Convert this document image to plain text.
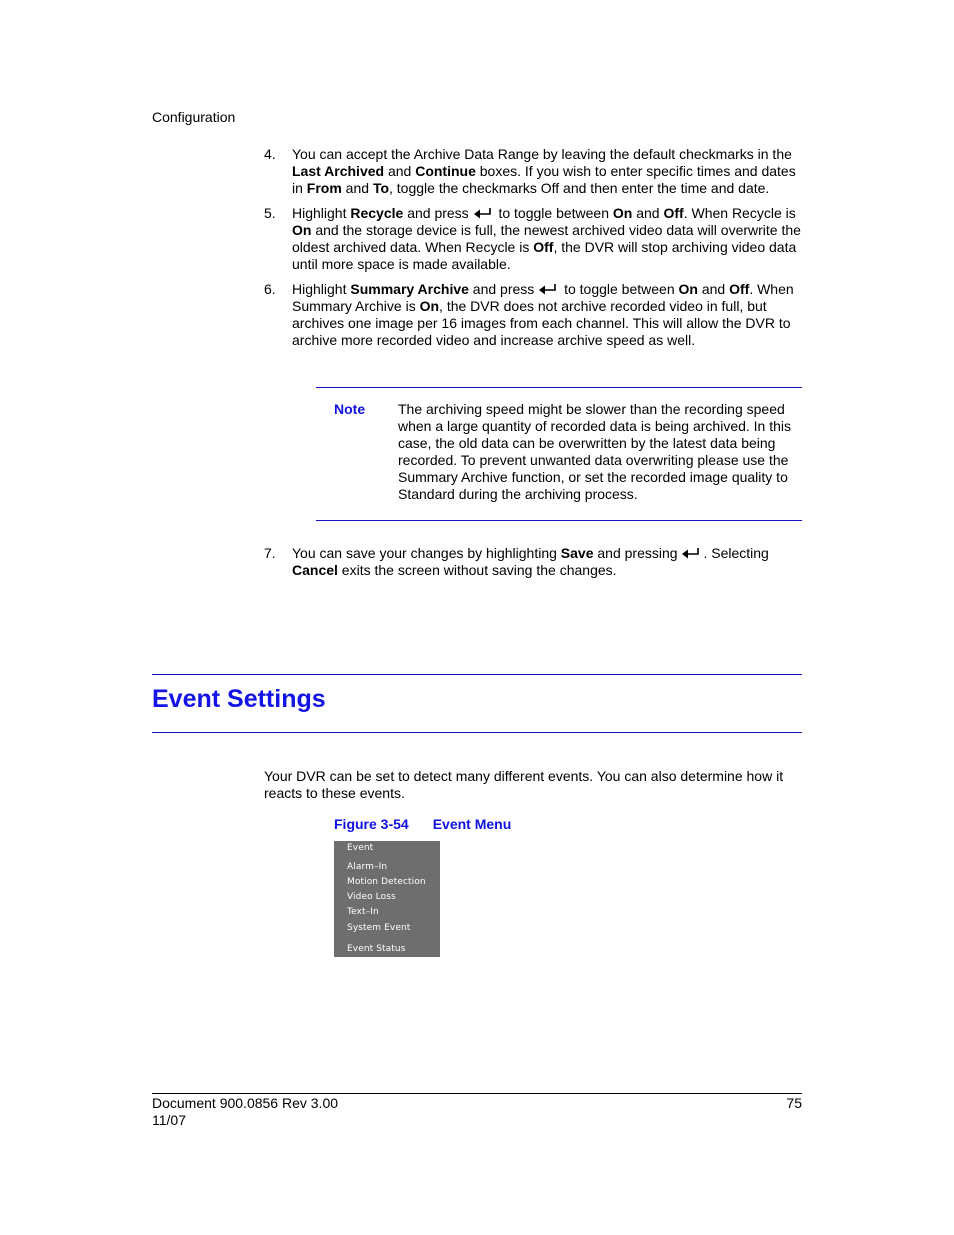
Configuration
4. You can accept the Archive Data Range by leaving the default checkmarks in the Last Archived and Continue boxes. If you wish to enter specific times and dates in From and To, toggle the checkmarks Off and then enter the time and date.
5. Highlight Recycle and press  to toggle between On and Off. When Recycle is On and the storage device is full, the newest archived video data will overwrite the oldest archived data. When Recycle is Off, the DVR will stop archiving video data until more space is made available.
6. Highlight Summary Archive and press  to toggle between On and Off. When Summary Archive is On, the DVR does not archive recorded video in full, but archives one image per 16 images from each channel. This will allow the DVR to archive more recorded video and increase archive speed as well.
Note The archiving speed might be slower than the recording speed when a large quantity of recorded data is being archived. In this case, the old data can be overwritten by the latest data being recorded. To prevent unwanted data overwriting please use the Summary Archive function, or set the recorded image quality to Standard during the archiving process.
7. You can save your changes by highlighting Save and pressing . Selecting Cancel exits the screen without saving the changes.
Event Settings
Your DVR can be set to detect many different events. You can also determine how it reacts to these events.
Figure 3-54 Event Menu
Event
Alarm–In
Motion Detection
Video Loss
Text–In
System Event
Event Status
Document 900.0856 Rev 3.00
11/07
75
